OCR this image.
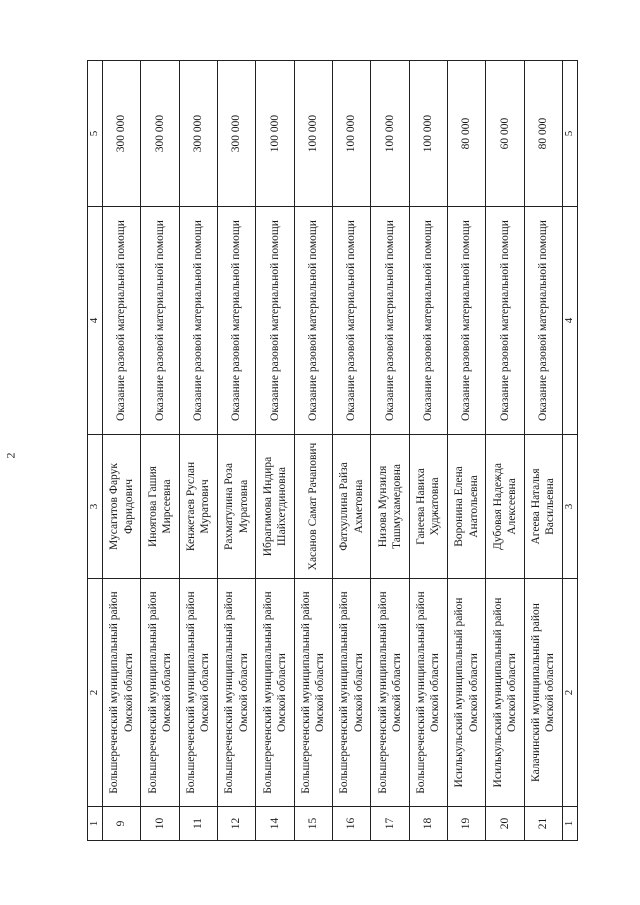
2
1	2	3	4	5
9	Большереченский муниципальный район Омской области	Мусагитов Фарук Фаридович	Оказание разовой материальной помощи	300 000
10	Большереченский муниципальный район Омской области	Иноятова Гашия Мирсеевна	Оказание разовой материальной помощи	300 000
11	Большереченский муниципальный район Омской области	Кенжетаев Руслан Муратович	Оказание разовой материальной помощи	300 000
12	Большереченский муниципальный район Омской области	Рахматулина Роза Муратовна	Оказание разовой материальной помощи	300 000
14	Большереченский муниципальный район Омской области	Ибрагимова Индира Шайхетдиновна	Оказание разовой материальной помощи	100 000
15	Большереченский муниципальный район Омской области	Хасанов Самат Рачапович	Оказание разовой материальной помощи	100 000
16	Большереченский муниципальный район Омской области	Фатхуллина Райза Ахметовна	Оказание разовой материальной помощи	100 000
17	Большереченский муниципальный район Омской области	Низова Мунзиля Ташмухамедовна	Оказание разовой материальной помощи	100 000
18	Большереченский муниципальный район Омской области	Ганеева Навиха Худжатовна	Оказание разовой материальной помощи	100 000
19	Исилькульский муниципальный район Омской области	Воронина Елена Анатольевна	Оказание разовой материальной помощи	80 000
20	Исилькульский муниципальный район Омской области	Дубовая Надежда Алексеевна	Оказание разовой материальной помощи	60 000
21	Калачинский муниципальный район Омской области	Агеева Наталья Васильевна	Оказание разовой материальной помощи	80 000
1	2	3	4	5
